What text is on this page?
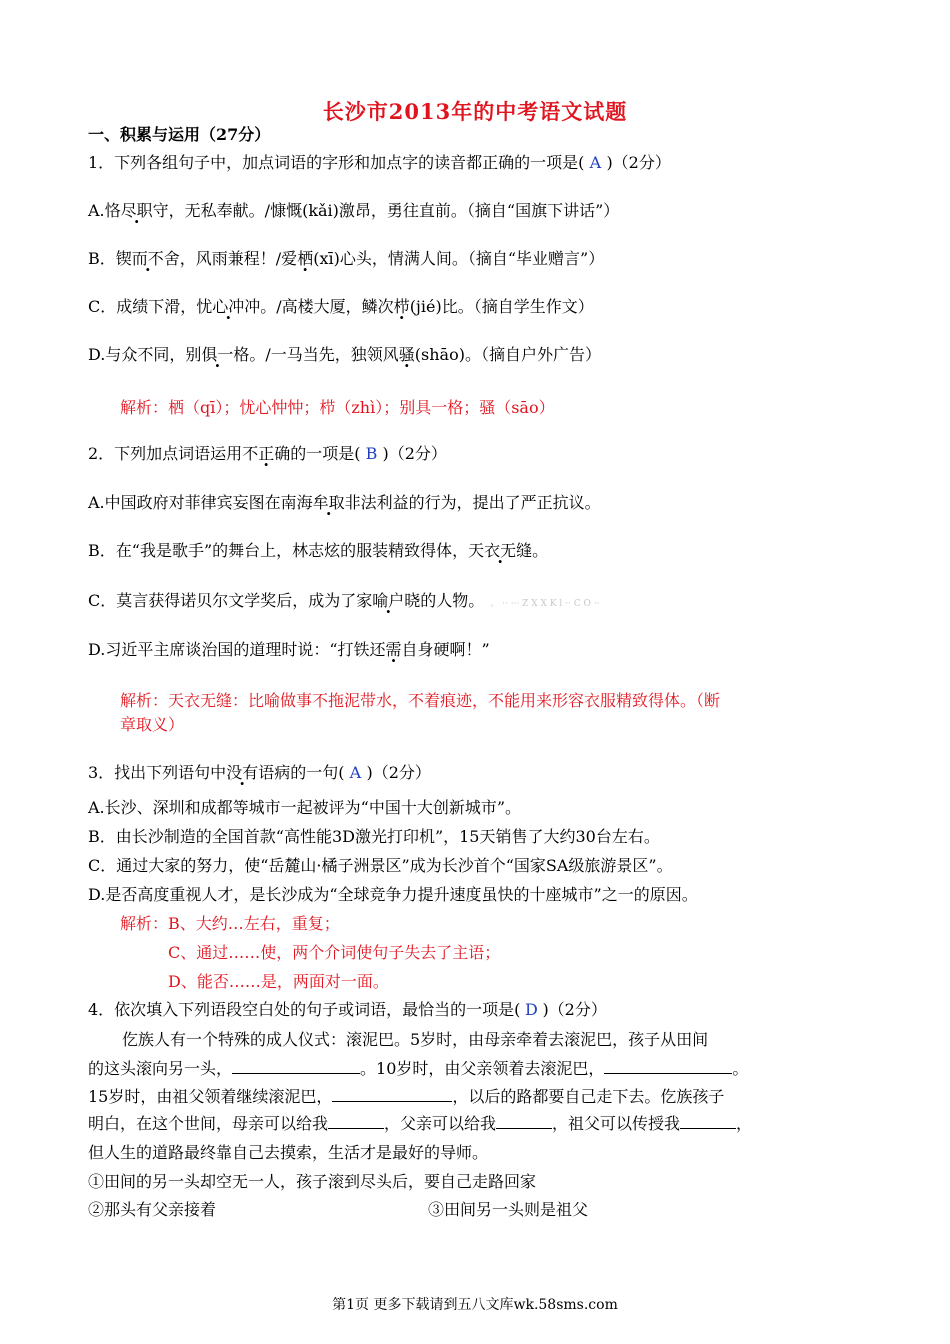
长沙市2013年的中考语文试题
一、积累与运用（27分）
1．下列各组句子中，加点词语的字形和加点字的读音都正确的一项是( A )（2分）
A.恪尽职守，无私奉献。/慷慨(kǎi)激昂，勇往直前。（摘自“国旗下讲话”）
B．锲而不舍，风雨兼程！/爱栖(xī)心头，情满人间。（摘自“毕业赠言”）
C．成绩下滑，忧心冲冲。/高楼大厦，鳞次栉(jié)比。（摘自学生作文）
D.与众不同，别俱一格。/一马当先，独领风骚(shāo)。（摘自户外广告）
解析：栖（qī）；忧心忡忡；栉（zhì）；别具一格；骚（sāo）
2．下列加点词语运用不正确的一项是( B )（2分）
A.中国政府对菲律宾妄图在南海牟取非法利益的行为，提出了严正抗议。
B．在“我是歌手”的舞台上，林志炫的服装精致得体，天衣无缝。
C．莫言获得诺贝尔文学奖后，成为了家喻户晓的人物。 。 ·· ··· Z X X K l ·· C O ··
D.习近平主席谈治国的道理时说：“打铁还需自身硬 ·啊！”
解析：天衣无缝：比喻做事不拖泥带水，不着痕迹，不能用来形容衣服精致得体。（断
章取义）
3．找出下列语句中没有语病的一句( A )（2分）
A.长沙、深圳和成都等城市一起被评为“中国十大创新城市”。
B．由长沙制造的全国首款“高性能3D激光打印机”，15天销售了大约30台左右。
C．通过大家的努力，使“岳麓山·橘子洲景区”成为长沙首个“国家SA级旅游景区”。
D.是否高度重视人才，是长沙成为“全球竞争力提升速度虽快的十座城市”之一的原因。
解析：B、大约…左右，重复；
C、通过……使，两个介词使句子失去了主语；
D、能否……是，两面对一面。
4．依次填入下列语段空白处的句子或词语，最恰当的一项是( D )（2分）
仡族人有一个特殊的成人仪式：滚泥巴。5岁时，由母亲牵着去滚泥巴，孩子从田间
的这头滚向另一头，	。10岁时，由父亲领着去滚泥巴，	。
15岁时，由祖父领着继续滚泥巴，	，以后的路都要自己走下去。仡族孩子
明白，在这个世间，母亲可以给我	，父亲可以给我	，祖父可以传授我	，
但人生的道路最终靠自己去摸索，生活才是最好的导师。
①田间的另一头却空无一人，孩子滚到尽头后，要自己走路回家
②那头有父亲接着	③田间另一头则是祖父
第1页 更多下载请到五八文库wk.58sms.com
